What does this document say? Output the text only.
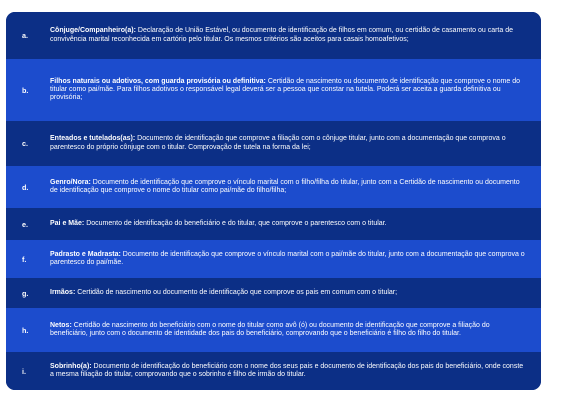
a.
Cônjuge/Companheiro(a): Declaração de União Estável, ou documento de identificação de filhos em comum, ou certidão de casamento ou carta de convivência marital reconhecida em cartório pelo titular. Os mesmos critérios são aceitos para casais homoafetivos;
b.
Filhos naturais ou adotivos, com guarda provisória ou definitiva: Certidão de nascimento ou documento de identificação que comprove o nome do titular como pai/mãe. Para filhos adotivos o responsável legal deverá ser a pessoa que constar na tutela. Poderá ser aceita a guarda definitiva ou provisória;
c.
Enteados e tutelados(as): Documento de identificação que comprove a filiação com o cônjuge titular, junto com a documentação que comprova o parentesco do próprio cônjuge com o titular. Comprovação de tutela na forma da lei;
d.
Genro/Nora: Documento de identificação que comprove o vínculo marital com o filho/filha do titular, junto com a Certidão de nascimento ou documento de identificação que comprove o nome do titular como pai/mãe do filho/filha;
e.	Pai e Mãe: Documento de identificação do beneficiário e do titular, que comprove o parentesco com o titular.
f.
Padrasto e Madrasta: Documento de identificação que comprove o vínculo marital com o pai/mãe do titular, junto com a documentação que comprova o parentesco do pai/mãe.
g.	Irmãos: Certidão de nascimento ou documento de identificação que comprove os pais em comum com o titular;
h.
Netos: Certidão de nascimento do beneficiário com o nome do titular como avô (ó) ou documento de identificação que comprove a filiação do beneficiário, junto com o documento de identidade dos pais do beneficiário, comprovando que o beneficiário é filho do filho do titular.
i.
Sobrinho(a): Documento de identificação do beneficiário com o nome dos seus pais e documento de identificação dos pais do beneficiário, onde conste a mesma filiação do titular, comprovando que o sobrinho é filho de irmão do titular.
